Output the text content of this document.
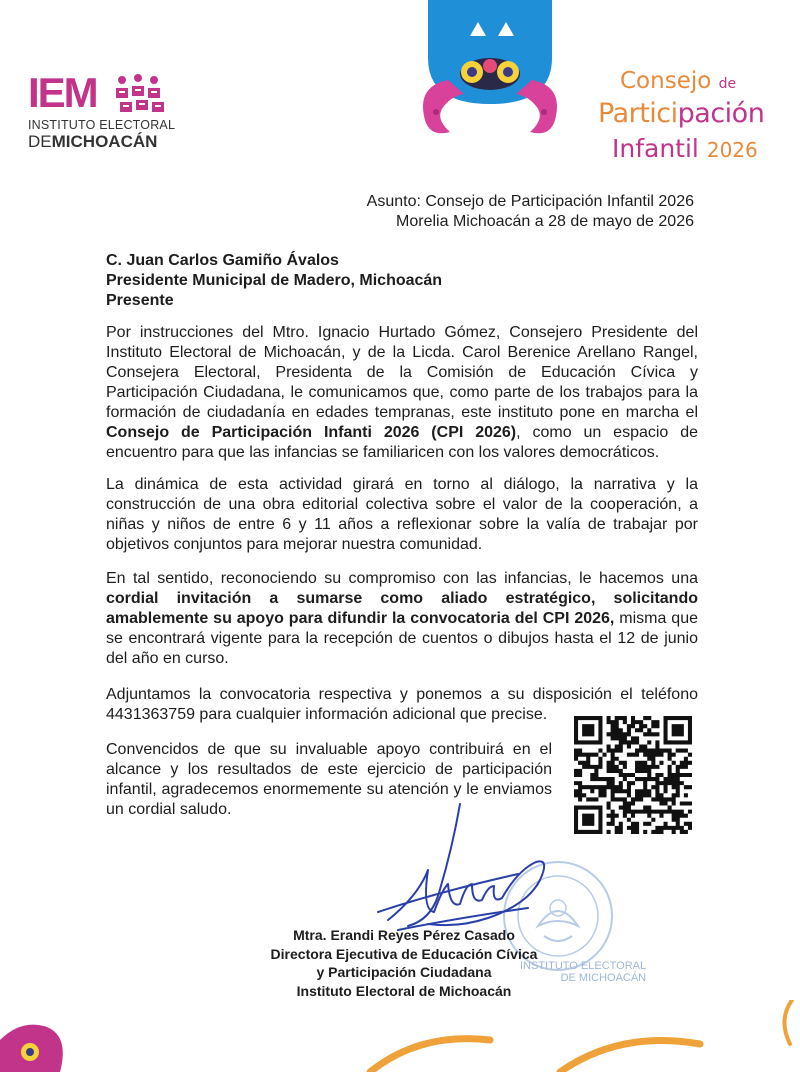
IEM
INSTITUTO ELECTORAL
DEMICHOACÁN
Consejo de
Participación
Infantil 2026
Asunto: Consejo de Participación Infantil 2026
Morelia Michoacán a 28 de mayo de 2026
C. Juan Carlos Gamiño Ávalos
Presidente Municipal de Madero, Michoacán
Presente
Por instrucciones del Mtro. Ignacio Hurtado Gómez, Consejero Presidente del Instituto Electoral de Michoacán, y de la Licda. Carol Berenice Arellano Rangel, Consejera Electoral, Presidenta de la Comisión de Educación Cívica y Participación Ciudadana, le comunicamos que, como parte de los trabajos para la formación de ciudadanía en edades tempranas, este instituto pone en marcha el Consejo de Participación Infanti 2026 (CPI 2026), como un espacio de encuentro para que las infancias se familiaricen con los valores democráticos.
La dinámica de esta actividad girará en torno al diálogo, la narrativa y la construcción de una obra editorial colectiva sobre el valor de la cooperación, a niñas y niños de entre 6 y 11 años a reflexionar sobre la valía de trabajar por objetivos conjuntos para mejorar nuestra comunidad.
En tal sentido, reconociendo su compromiso con las infancias, le hacemos una cordial invitación a sumarse como aliado estratégico, solicitando amablemente su apoyo para difundir la convocatoria del CPI 2026, misma que se encontrará vigente para la recepción de cuentos o dibujos hasta el 12 de junio del año en curso.
Adjuntamos la convocatoria respectiva y ponemos a su disposición el teléfono 4431363759 para cualquier información adicional que precise.
Convencidos de que su invaluable apoyo contribuirá en el alcance y los resultados de este ejercicio de participación infantil, agradecemos enormemente su atención y le enviamos un cordial saludo.
INSTITUTO ELECTORAL
DE MICHOACÁN
Mtra. Erandi Reyes Pérez Casado
Directora Ejecutiva de Educación Cívica
y Participación Ciudadana
Instituto Electoral de Michoacán
